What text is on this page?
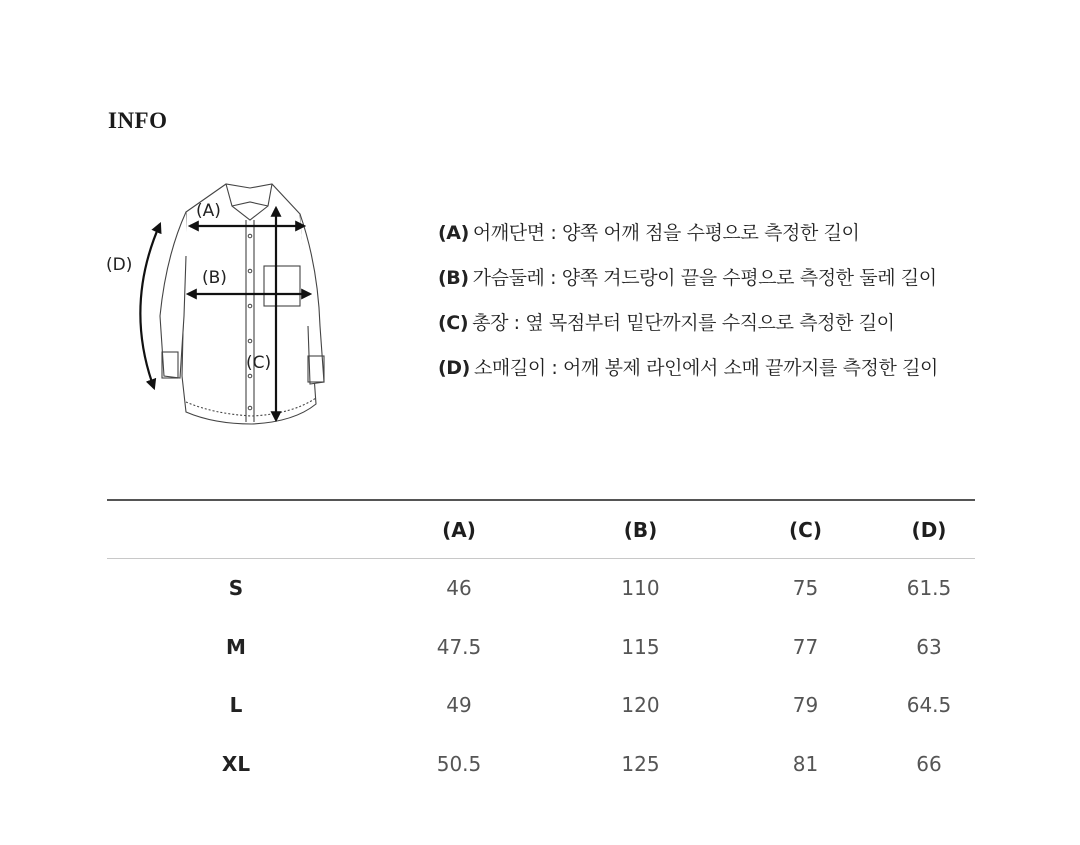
INFO
(A)
(B)
(C)
(D)
(A) 어깨단면 : 양쪽 어깨 점을 수평으로 측정한 길이
(B) 가슴둘레 : 양쪽 겨드랑이 끝을 수평으로 측정한 둘레 길이
(C) 총장 : 옆 목점부터 밑단까지를 수직으로 측정한 길이
(D) 소매길이 : 어깨 봉제 라인에서 소매 끝까지를 측정한 길이
	(A)	(B)	(C)	(D)
S	46	110	75	61.5
M	47.5	115	77	63
L	49	120	79	64.5
XL	50.5	125	81	66
